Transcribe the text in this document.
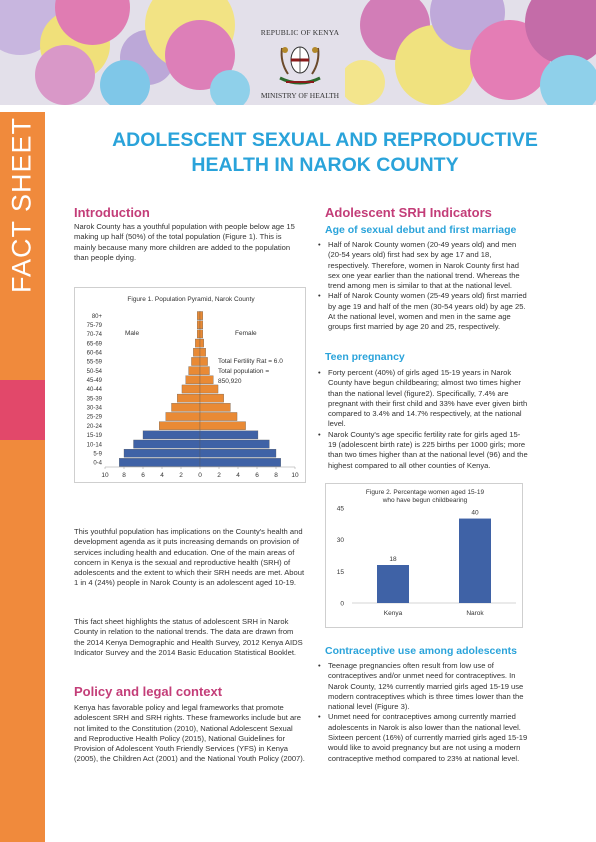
REPUBLIC OF KENYA
MINISTRY OF HEALTH
FACT SHEET	ADOLESCENT SEXUAL AND REPRODUCTIVE
HEALTH IN NAROK COUNTY
Introduction
Narok County has a youthful population with people below age 15 making up half (50%) of the total population (Figure 1). This is mainly because many more children are added to the population than people dying.
Figure 1. Population Pyramid, Narok County
0-4
5-9
10-14
15-19
20-24
25-29
30-34
35-39
40-44
45-49
50-54
55-59
60-64
65-69
70-74
75-79
80+
10 8 6 4 2 0 2 4 6 8 10
Male	Female
Total Fertility Rat = 6.0
Total population =
850,920
This youthful population has implications on the County's health and development agenda as it puts increasing demands on provision of services including health and education. One of the main areas of concern in Kenya is the sexual and reproductive health (SRH) of adolescents and the extent to which their SRH needs are met. About 1 in 4 (24%) people in Narok County is an adolescent aged 10-19.
This fact sheet highlights the status of adolescent SRH in Narok County in relation to the national trends. The data are drawn from the 2014 Kenya Demographic and Health Survey, 2012 Kenya AIDS Indicator Survey and the 2014 Basic Education Statistical Booklet.
Policy and legal context
Kenya has favorable policy and legal frameworks that promote adolescent SRH and SRH rights. These frameworks include but are not limited to the Constitution (2010), National Adolescent Sexual and Reproductive Health Policy (2015), National Guidelines for Provision of Adolescent Youth Friendly Services (YFS) in Kenya (2005), the Children Act (2001) and the National Youth Policy (2007).
Adolescent SRH Indicators
Age of sexual debut and first marriage
• Half of Narok County women (20-49 years old) and men (20-54 years old) first had sex by age 17 and 18, respectively. Therefore, women in Narok County first had sex one year earlier than the national trend. Whereas the trend among men is similar to that at the national level.
• Half of Narok County women (25-49 years old) first married by age 19 and half of the men (30-54 years old) by age 25. At the national level, women and men in the same age groups first married by age 20 and 25, respectively.
Teen pregnancy
• Forty percent (40%) of girls aged 15-19 years in Narok County have begun childbearing; almost two times higher than the national level (figure2). Specifically, 7.4% are pregnant with their first child and 33% have ever given birth compared to 3.4% and 14.7% respectively, at the national level.
• Narok County's age specific fertility rate for girls aged 15-19 (adolescent birth rate) is 225 births per 1000 girls; more than two times higher than at the national level (96) and the highest compared to all other counties of Kenya.
Figure 2. Percentage women aged 15-19
who have begun childbearing
0
15
30
45
18
Kenya
40
Narok
Contraceptive use among adolescents
• Teenage pregnancies often result from low use of contraceptives and/or unmet need for contraceptives. In Narok County, 12% currently married girls aged 15-19 use modern contraceptives which is three times lower than the national level (Figure 3).
• Unmet need for contraceptives among currently married adolescents in Narok is also lower than the national level. Sixteen percent (16%) of currently married girls aged 15-19 would like to avoid pregnancy but are not using a modern contraceptive method compared to 23% at national level.
